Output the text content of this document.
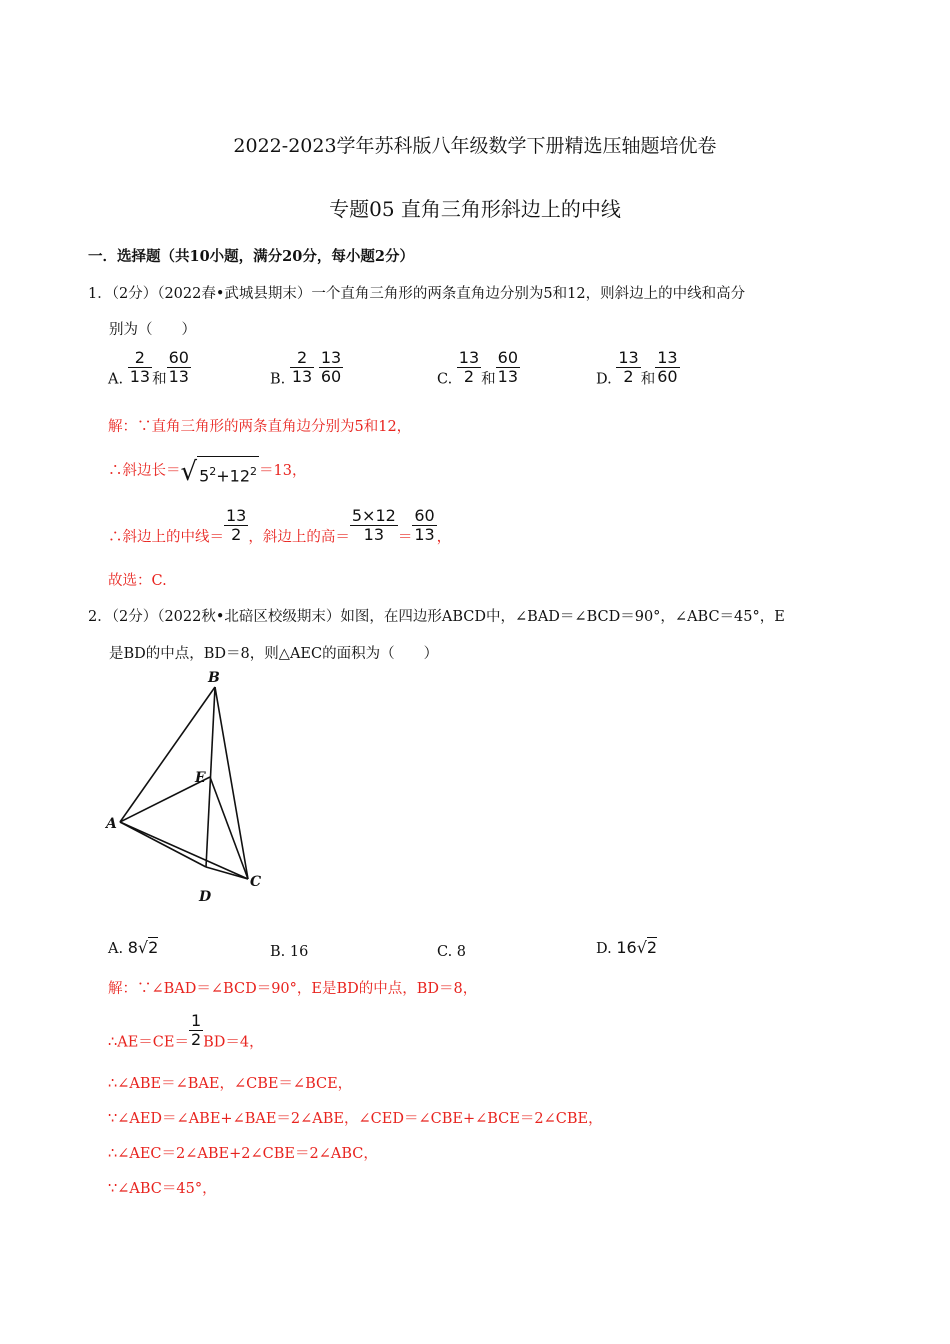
2022-2023学年苏科版八年级数学下册精选压轴题培优卷
专题05 直角三角形斜边上的中线
一．选择题（共10小题，满分20分，每小题2分）
1．（2分）（2022春•武城县期末）一个直角三角形的两条直角边分别为5和12，则斜边上的中线和高分
别为（　　）
A. $\frac{2}{13}$ 和 $\frac{60}{13}$	B. $\frac{2}{13}$
$\frac{13}{60}$	C. $\frac{13}{2}$ 和 $\frac{60}{13}$	D. $\frac{13}{2}$ 和 $\frac{13}{60}$
解：∵直角三角形的两条直角边分别为5和12，
∴斜边长＝√ $5^2+12^2 =13$，
∴斜边上的中线＝ $\frac{13}{2}$ ，斜边上的高＝ $\frac{5\times 12}{13} = \frac{60}{13}$ ，
故选：C.
2．（2分）（2022秋•北碚区校级期末）如图，在四边形ABCD中，∠BAD＝∠BCD＝90°，∠ABC＝45°，E
是BD的中点，BD＝8，则△AEC的面积为（　　）
B
E
A
C
D
A. 8√2	B. 16	C. 8	D. 16√2
解：∵∠BAD＝∠BCD＝90°，E是BD的中点，BD＝8，
∴AE＝CE＝ $\frac{1}{2} BD=4$，
∴∠ABE＝∠BAE，∠CBE＝∠BCE，
∵∠AED＝∠ABE+∠BAE＝2∠ABE，∠CED＝∠CBE+∠BCE＝2∠CBE，
∴∠AEC＝2∠ABE+2∠CBE＝2∠ABC，
∵∠ABC＝45°，
